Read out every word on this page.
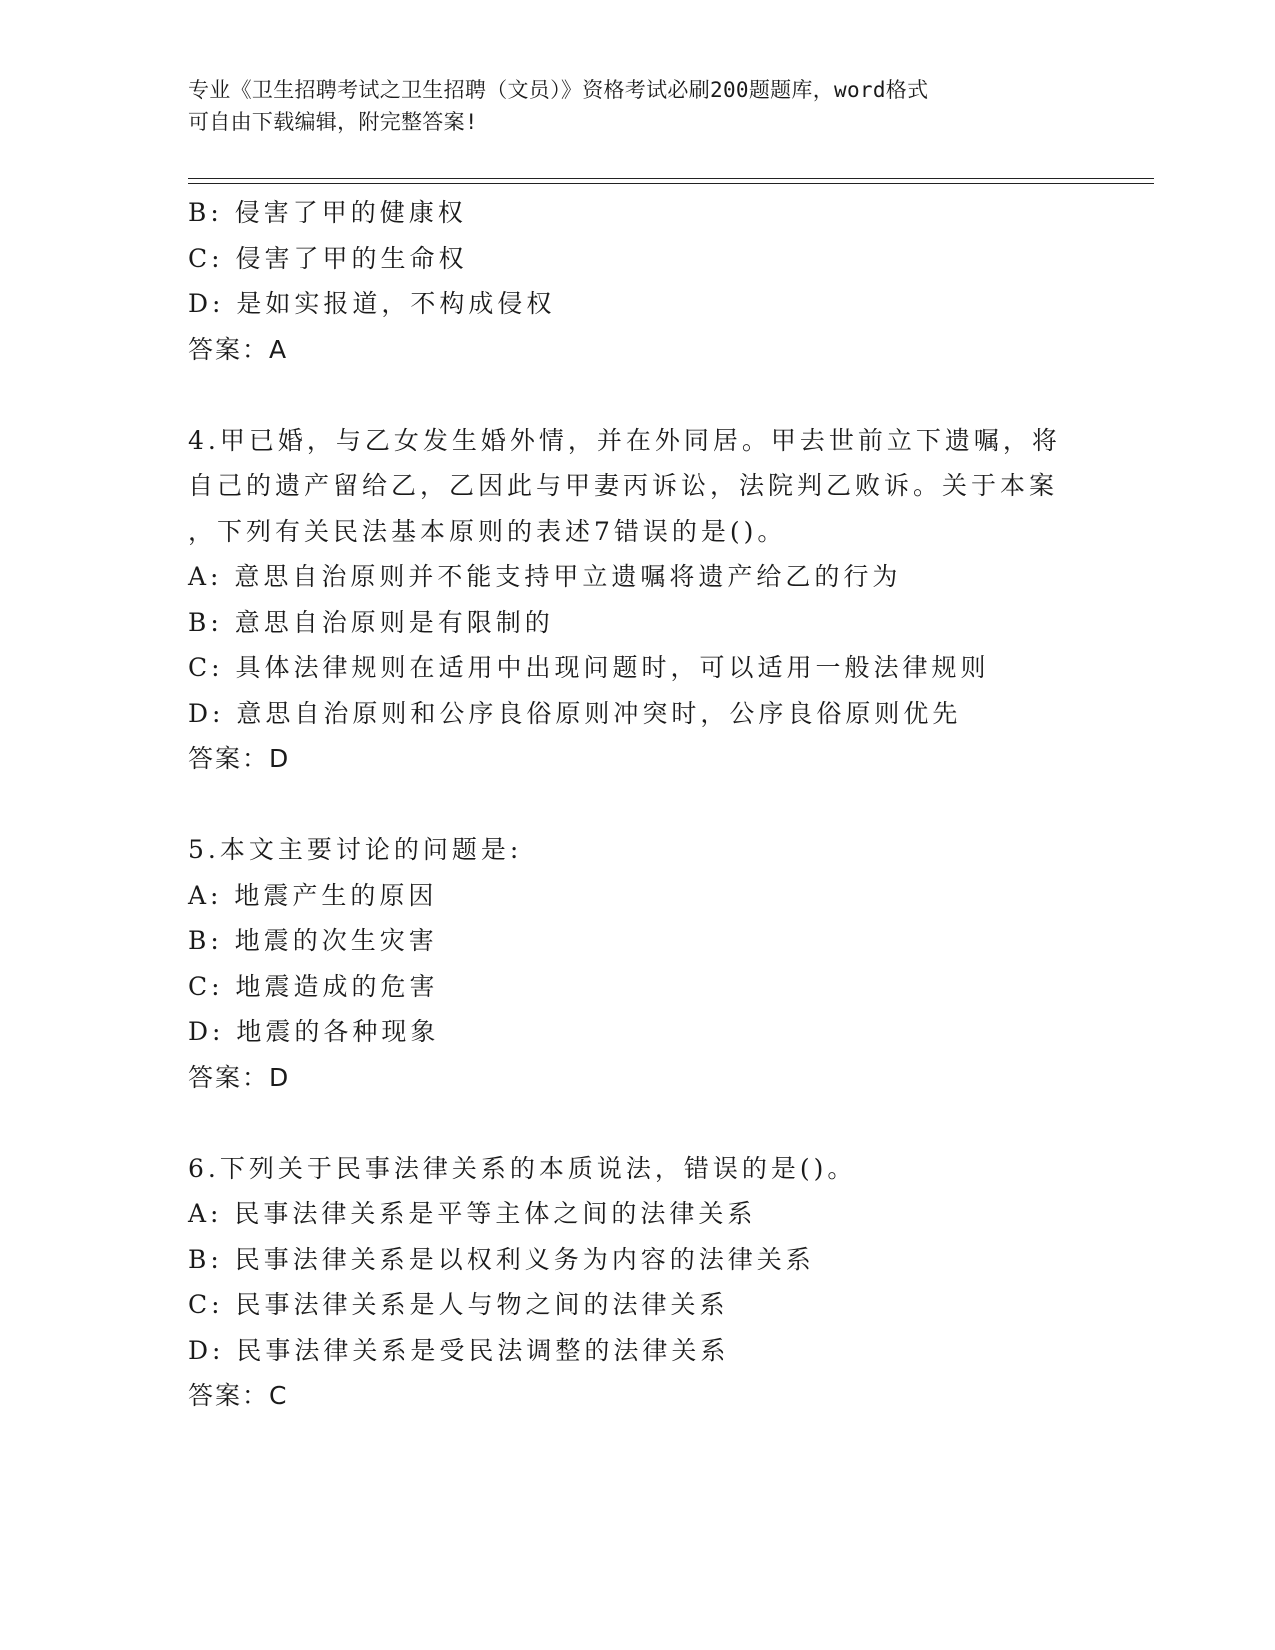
专业《卫生招聘考试之卫生招聘（文员）》资格考试必刷200题题库，word格式
可自由下载编辑，附完整答案!
B: 侵害了甲的健康权
C: 侵害了甲的生命权
D: 是如实报道，不构成侵权
答案：A
4.甲已婚，与乙女发生婚外情，并在外同居。甲去世前立下遗嘱，将
自己的遗产留给乙，乙因此与甲妻丙诉讼，法院判乙败诉。关于本案
，下列有关民法基本原则的表述7错误的是()。
A: 意思自治原则并不能支持甲立遗嘱将遗产给乙的行为
B: 意思自治原则是有限制的
C: 具体法律规则在适用中出现问题时，可以适用一般法律规则
D: 意思自治原则和公序良俗原则冲突时，公序良俗原则优先
答案：D
5.本文主要讨论的问题是:
A: 地震产生的原因
B: 地震的次生灾害
C: 地震造成的危害
D: 地震的各种现象
答案：D
6.下列关于民事法律关系的本质说法，错误的是()。
A: 民事法律关系是平等主体之间的法律关系
B: 民事法律关系是以权利义务为内容的法律关系
C: 民事法律关系是人与物之间的法律关系
D: 民事法律关系是受民法调整的法律关系
答案：C
